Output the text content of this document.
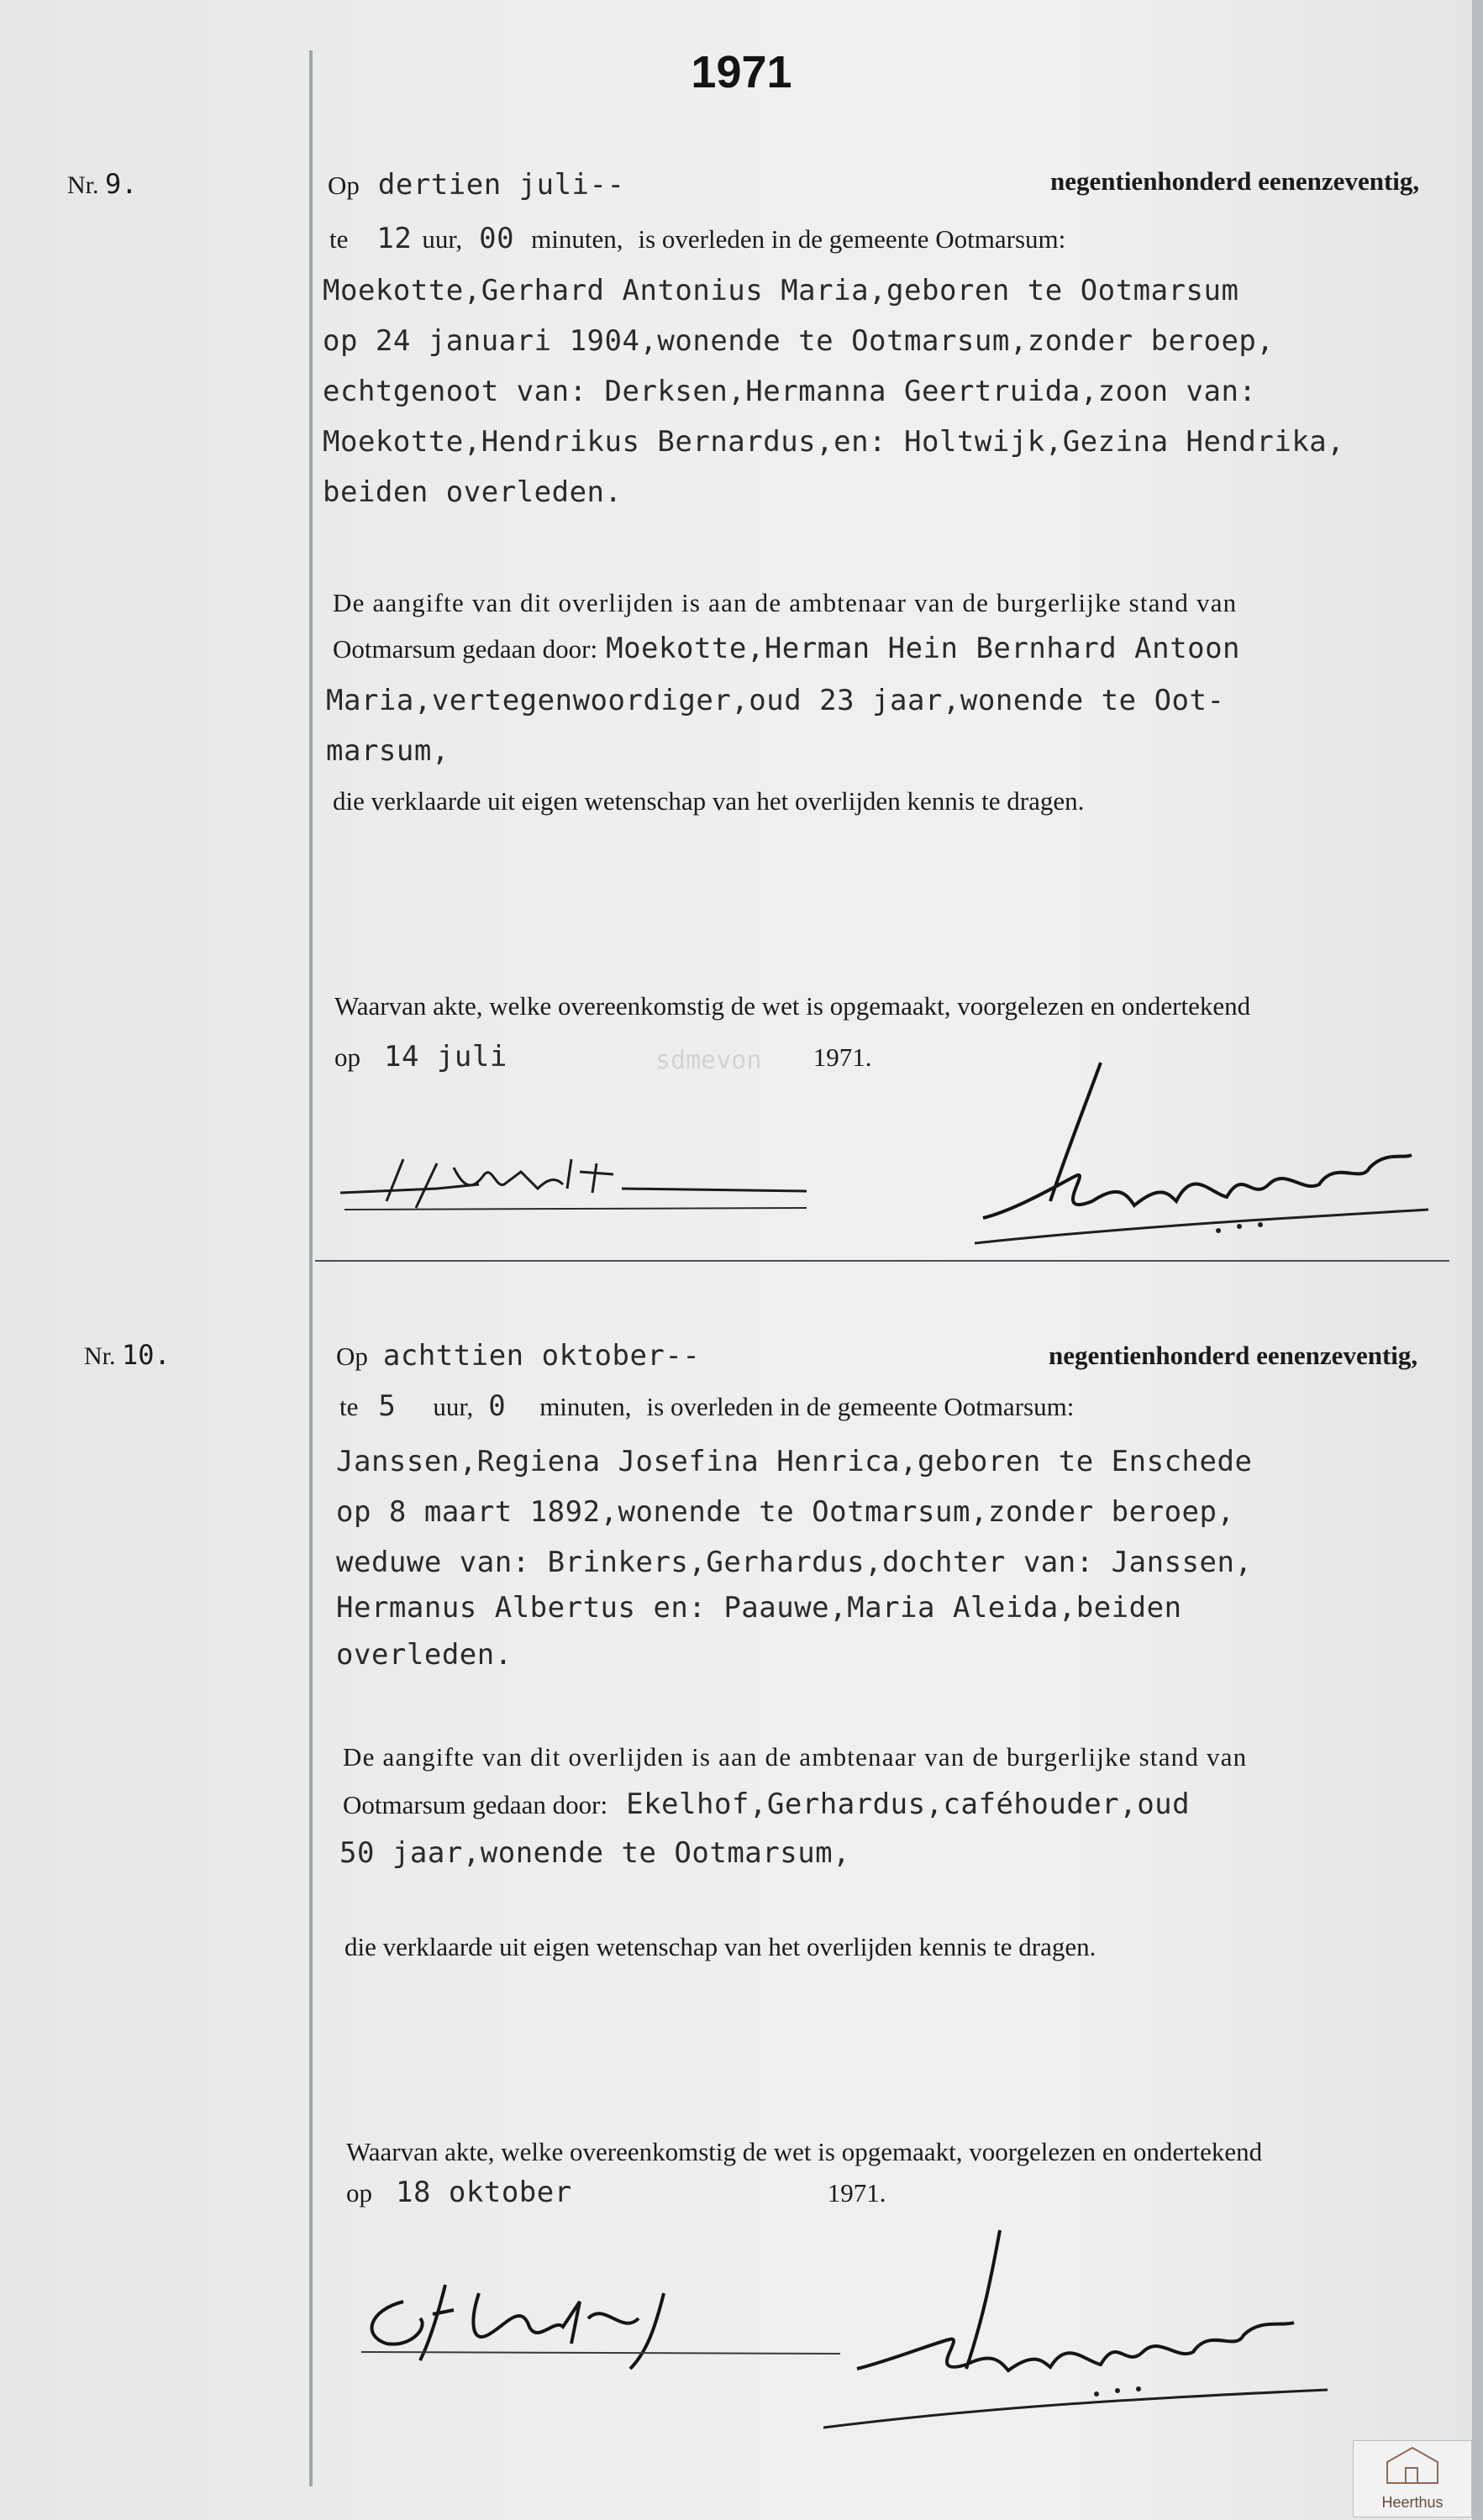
1971
Nr. 9.	Op dertien juli--	negentienhonderd eenenzeventig,
te 12 uur, 00 minuten, is overleden in de gemeente Ootmarsum:
Moekotte,Gerhard Antonius Maria,geboren te Ootmarsum
op 24 januari 1904,wonende te Ootmarsum,zonder beroep,
echtgenoot van: Derksen,Hermanna Geertruida,zoon van:
Moekotte,Hendrikus Bernardus,en: Holtwijk,Gezina Hendrika,
beiden overleden.
De aangifte van dit overlijden is aan de ambtenaar van de burgerlijke stand van
Ootmarsum gedaan door: Moekotte,Herman Hein Bernhard Antoon
Maria,vertegenwoordiger,oud 23 jaar,wonende te Oot-
marsum,
die verklaarde uit eigen wetenschap van het overlijden kennis te dragen.
Waarvan akte, welke overeenkomstig de wet is opgemaakt, voorgelezen en ondertekend
op 14 juli	1971.
sdmevon
Nr. 10.	Op achttien oktober--	negentienhonderd eenenzeventig,
te 5 uur, 0 minuten, is overleden in de gemeente Ootmarsum:
Janssen,Regiena Josefina Henrica,geboren te Enschede
op 8 maart 1892,wonende te Ootmarsum,zonder beroep,
weduwe van: Brinkers,Gerhardus,dochter van: Janssen,
Hermanus Albertus en: Paauwe,Maria Aleida,beiden
overleden.
De aangifte van dit overlijden is aan de ambtenaar van de burgerlijke stand van
Ootmarsum gedaan door: Ekelhof,Gerhardus,caféhouder,oud
50 jaar,wonende te Ootmarsum,
die verklaarde uit eigen wetenschap van het overlijden kennis te dragen.
Waarvan akte, welke overeenkomstig de wet is opgemaakt, voorgelezen en ondertekend
op 18 oktober	1971.
Heerthus
